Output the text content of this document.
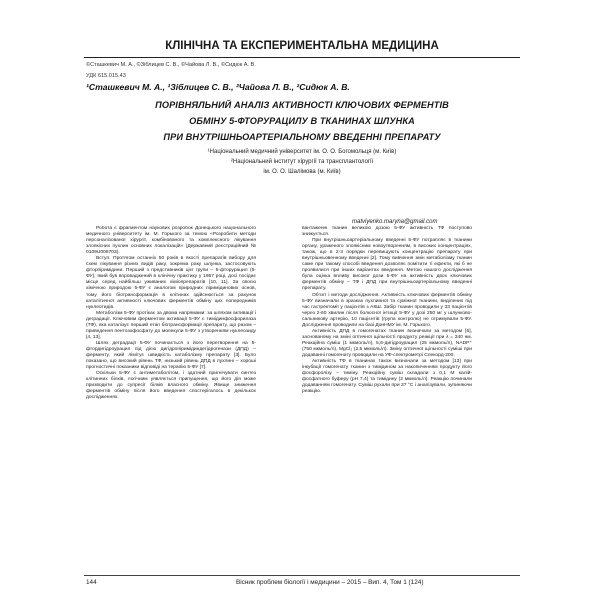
КЛІНІЧНА ТА ЕКСПЕРИМЕНТАЛЬНА МЕДИЦИНА
©Сташкевич М. А., ©Зіблицев С. В., ©Чайова Л. В., ©Сидюк А. В.
УДК 615.015.43
¹Сташкевич М. А., ¹Зіблицев С. В., ²Чайова Л. В., ²Сидюк А. В.
ПОРІВНЯЛЬНИЙ АНАЛІЗ АКТИВНОСТІ КЛЮЧОВИХ ФЕРМЕНТІВ
ОБМІНУ 5-ФТОРУРАЦИЛУ В ТКАНИНАХ ШЛУНКА
ПРИ ВНУТРІШНЬОАРТЕРІАЛЬНОМУ ВВЕДЕННІ ПРЕПАРАТУ
¹Національний медичний університет ім. О. О. Богомольця (м. Київ)
²Національний інститут хірургії та трансплантології
ім. О. О. Шалімова (м. Київ)
matviyenko.maryna@gmail.com

Робота є фрагментом наукових розробок Донецького національного медичного університету ім. М. Горького за темою «Розробити методи персоналізованої хірургії, комбінованого та комплексного лікування злоякісних пухлин основних локалізацій» (Державний реєстраційний № 0109U008703).

Вступ. Протягом останніх 50 років в якості препаратів вибору для схем лікування різних видів раку, зокрема раку шлунка, застосовують фторпіримідини. Перший з представників цієї групи – 5-фторурацил (5-ФУ), який був впроваджений в клінічну практику у 1957 році, досі посідає місце серед найбільш уживаних хіміопрепаратів [10, 11]. За своєю хімічною природою 5-ФУ є аналогом природних піримідинових основ, тому його біотрансформація в клітинах здійснюється за рахунок каталітичної активності ключових ферментів обміну цих попередників нуклеотидів.

Метаболізм 5-ФУ протікає за двома напрямами: за шляхом активації і деградації. Ключовим ферментом активації 5-ФУ є тимідинфосфорилаза (ТФ), яка каталізує перший етап біотрансформації препарату, що разом – приведення пентозофосфату до молекули 5-ФУ з утворенням нуклеозиду [4, 13].

Шлях деградації 5-ФУ починається з його перетворення на 5-фтордигідроурацил під дією дигідропіримідиндегідрогенази (ДПД) – ферменту, який лімітує швидкість катаболізму препарату [3]. Було показано, що високий рівень ТФ, низький рівень ДПД в пухлині – хороші прогностичні показники відповіді на терапію 5-ФУ [7].

Оскільки 5-ФУ є антиметаболітом, і здатний пригнічувати синтез клітинних білків, логічним уявляється припущення, що його дія може призводити до супресії білків власного обміну. Явище зниження ферментів обміну після його введення спостерігалось в декількох дослідженнях.

вантаженні тканин великою дозою 5-ФУ активність ТФ поступово знижується.

При внутрішньоартеріальному введенні 5-ФУ потрапляє в тканини органу, ураженого злоякісним новоутворенням, в високих концентраціях, також, що в 2-3 порядки перевищують концентрацію препарату при внутрішньовенному введенні [2]. Тому вивчення змін метаболізму тканин саме при такому способі введення дозволяє помітити ті ефекти, які б не проявилися при інших варіантах введення. Метою нашого дослідження була оцінка впливу високої дози 5-ФУ на активність двох ключових ферментів обміну – ТФ і ДПД при внутрішньоартеріальному введенні препарату.

Об'єкт і методи дослідження. Активність ключових ферментів обміну 5-ФУ визначали в зразках пухлинної та суміжної тканини, виділених під час гастректомії у пацієнтів з АКШ. Забір тканин проводили у 33 пацієнтів через 2-60 хвилин після болюсної ін'єкції 5-ФУ у дозі 250 мг у шлунково-сальникову артерію, 10 пацієнтів (група контролю) не отримували 5-ФУ. Дослідження проводили на базі ДонНМУ ім. М. Горького.

Активність ДПД в гомогенатах тканин визначали за методом [6], заснованому на зміні оптичної щільності продукту реакції при λ = 340 нм. Реакційна суміш (1 мкмоль/л), 5,6-дигідроурацил (25 мкмоль/л), NADP⁺ (750 мкмоль/л), MgCl₂ (2,5 мкмоль/л). Зміну оптичної щільності суміші при додаванні гомогенату проводили на УФ-спектрометрі Спекорд-200.

Активність ТФ в тканинах також визначали за методом [13] при інкубації гомогенату тканин з тимідином за накопиченням продукту його фосфоролізу – тиміну. Реакційну суміш складали з 0,1 М калій-фосфатного буферу (pH 7,4) та тимідину (2 мкмоль/л). Реакцію починали додаванням гомогенату. Суміш рухали при 37 °С і аналізували, зупиняючи реакцію.

144	Вісник проблем біології і медицини – 2015 – Вип. 4, Том 1 (124)
